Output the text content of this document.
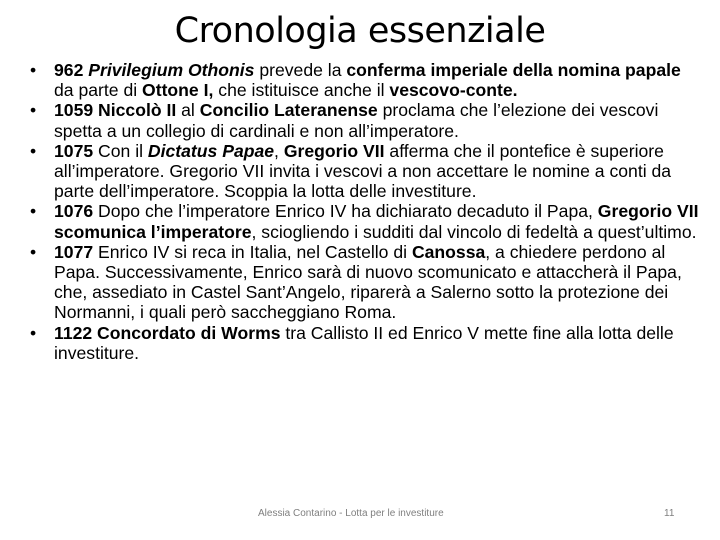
Cronologia essenziale
• 962 Privilegium Othonis prevede la conferma imperiale della nomina papale da parte di Ottone I, che istituisce anche il vescovo-conte.
• 1059 Niccolò II al Concilio Lateranense proclama che l’elezione dei vescovi spetta a un collegio di cardinali e non all’imperatore.
• 1075 Con il Dictatus Papae, Gregorio VII afferma che il pontefice è superiore all’imperatore. Gregorio VII invita i vescovi a non accettare le nomine a conti da parte dell’imperatore. Scoppia la lotta delle investiture.
• 1076 Dopo che l’imperatore Enrico IV ha dichiarato decaduto il Papa, Gregorio VII scomunica l’imperatore, sciogliendo i sudditi dal vincolo di fedeltà a quest’ultimo.
• 1077 Enrico IV si reca in Italia, nel Castello di Canossa, a chiedere perdono al Papa. Successivamente, Enrico sarà di nuovo scomunicato e attaccherà il Papa, che, assediato in Castel Sant’Angelo, riparerà a Salerno sotto la protezione dei Normanni, i quali però saccheggiano Roma.
• 1122 Concordato di Worms tra Callisto II ed Enrico V mette fine alla lotta delle investiture.
Alessia Contarino - Lotta per le investiture	11
